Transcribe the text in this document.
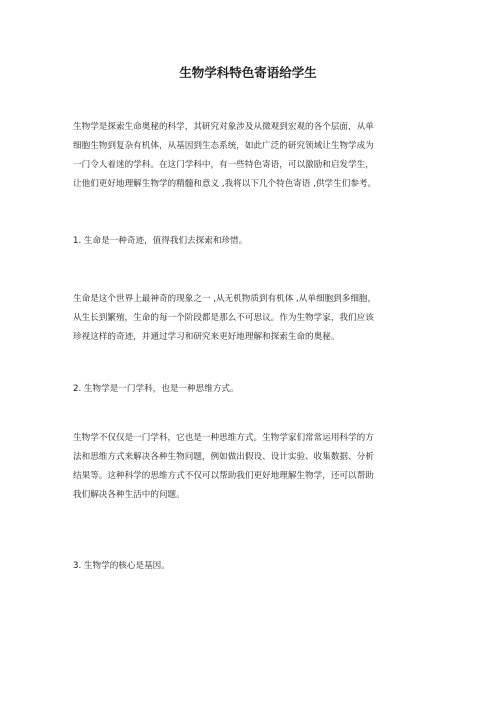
生物学科特色寄语给学生
生物学是探索生命奥秘的科学，其研究对象涉及从微观到宏观的各个层面，从单
细胞生物到复杂有机体，从基因到生态系统，如此广泛的研究领域让生物学成为
一门令人着迷的学科。在这门学科中，有一些特色寄语，可以激励和启发学生，
让他们更好地理解生物学的精髓和意义 ,我将以下几个特色寄语 ,供学生们参考。
1. 生命是一种奇迹，值得我们去探索和珍惜。
生命是这个世界上最神奇的现象之一 ,从无机物质到有机体 ,从单细胞到多细胞，
从生长到繁殖，生命的每一个阶段都是那么不可思议。作为生物学家，我们应该
珍视这样的奇迹，并通过学习和研究来更好地理解和探索生命的奥秘。
2. 生物学是一门学科，也是一种思维方式。
生物学不仅仅是一门学科，它也是一种思维方式。生物学家们常常运用科学的方
法和思维方式来解决各种生物问题，例如做出假设、设计实验、收集数据、分析
结果等。这种科学的思维方式不仅可以帮助我们更好地理解生物学，还可以帮助
我们解决各种生活中的问题。
3. 生物学的核心是基因。
